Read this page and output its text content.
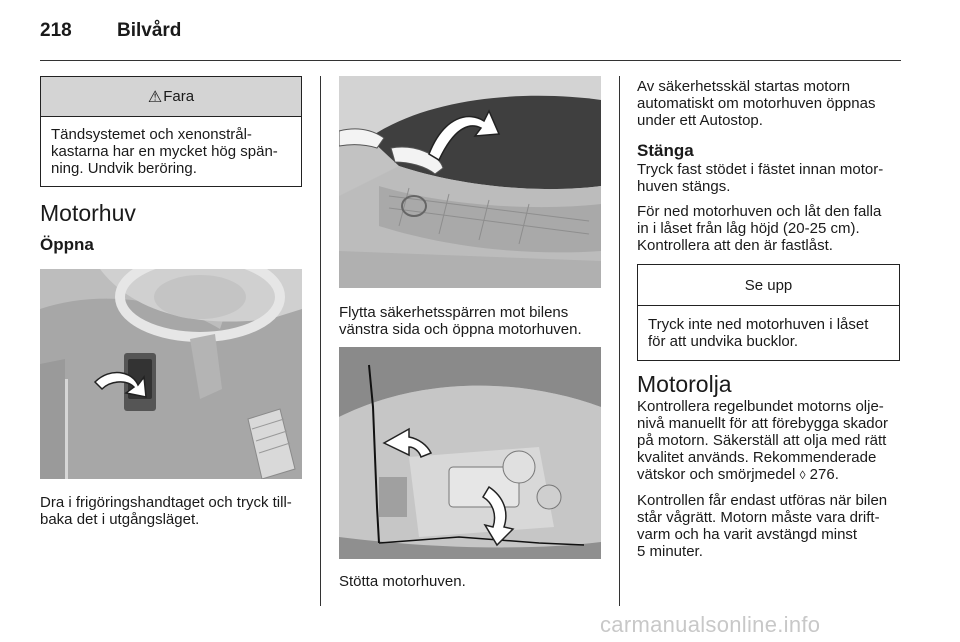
218 Bilvård
⚠ Fara

Tändsystemet och xenonstrål-
kastarna har en mycket hög spän-
ning. Undvik beröring.

Motorhuv
Öppna

Dra i frigöringshandtaget och tryck till-
baka det i utgångsläget.

Flytta säkerhetsspärren mot bilens
vänstra sida och öppna motorhuven.

Stötta motorhuven.

Av säkerhetsskäl startas motorn
automatiskt om motorhuven öppnas
under ett Autostop.

Stänga

Tryck fast stödet i fästet innan motor-
huven stängs.

För ned motorhuven och låt den falla
in i låset från låg höjd (20-25 cm).
Kontrollera att den är fastlåst.

Se upp

Tryck inte ned motorhuven i låset
för att undvika bucklor.

Motorolja

Kontrollera regelbundet motorns olje-
nivå manuellt för att förebygga skador
på motorn. Säkerställ att olja med rätt
kvalitet används. Rekommenderade
vätskor och smörjmedel ◊ 276.

Kontrollen får endast utföras när bilen
står vågrätt. Motorn måste vara drift-
varm och ha varit avstängd minst
5 minuter.

carmanualsonline.info
